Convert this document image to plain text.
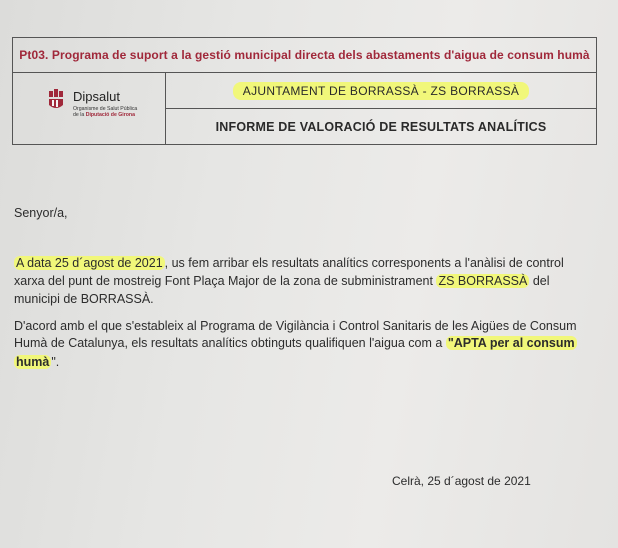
Pt03. Programa de suport a la gestió municipal directa dels abastaments d'aigua de consum humà
Dipsalut
Organisme de Salut Pública
de la Diputació de Girona
AJUNTAMENT DE BORRASSÀ - ZS BORRASSÀ
INFORME DE VALORACIÓ DE RESULTATS ANALÍTICS
Senyor/a,
A data 25 d´agost de 2021 , us fem arribar els resultats analítics corresponents a l'anàlisi de control
xarxa del punt de mostreig Font Plaça Major de la zona de subministrament ZS BORRASSÀ del
municipi de BORRASSÀ.
D'acord amb el que s'estableix al Programa de Vigilància i Control Sanitaris de les Aigües de Consum
Humà de Catalunya, els resultats analítics obtinguts qualifiquen l'aigua com a "APTA per al consum
humà ".
Celrà, 25 d´agost de 2021
